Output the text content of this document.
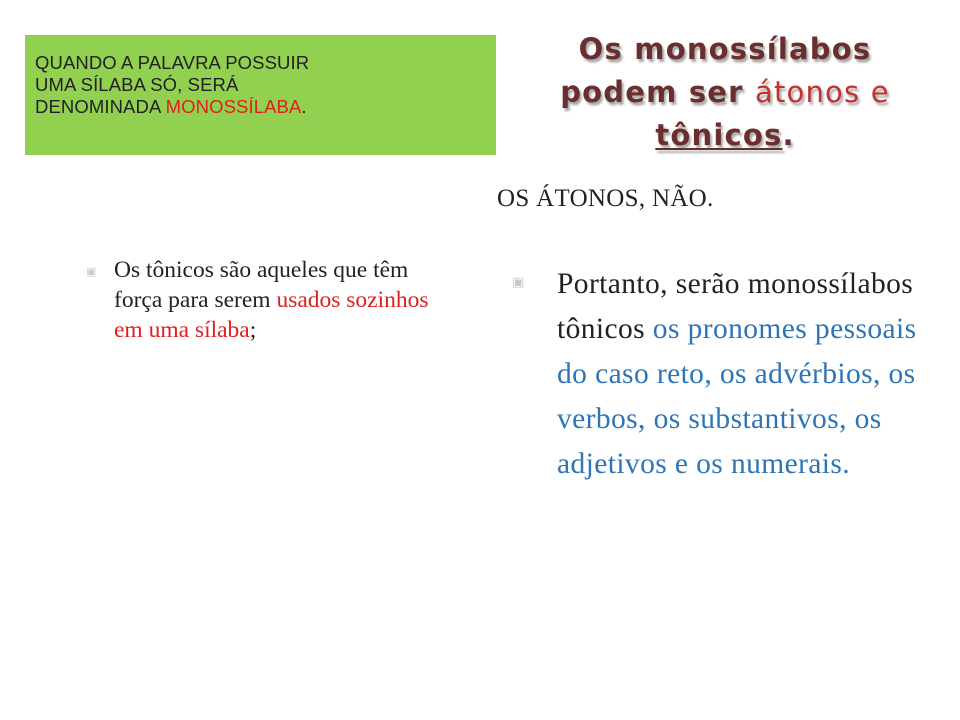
QUANDO A PALAVRA POSSUIR
UMA SÍLABA SÓ, SERÁ
DENOMINADA MONOSSÍLABA.
Os monossílabos
podem ser átonos e
tônicos.
OS ÁTONOS, NÃO.
▣ Os tônicos são aqueles que têm força para serem usados sozinhos em uma sílaba;
▣	Portanto, serão monossílabos tônicos os pronomes pessoais do caso reto, os advérbios, os verbos, os substantivos, os adjetivos e os numerais.
